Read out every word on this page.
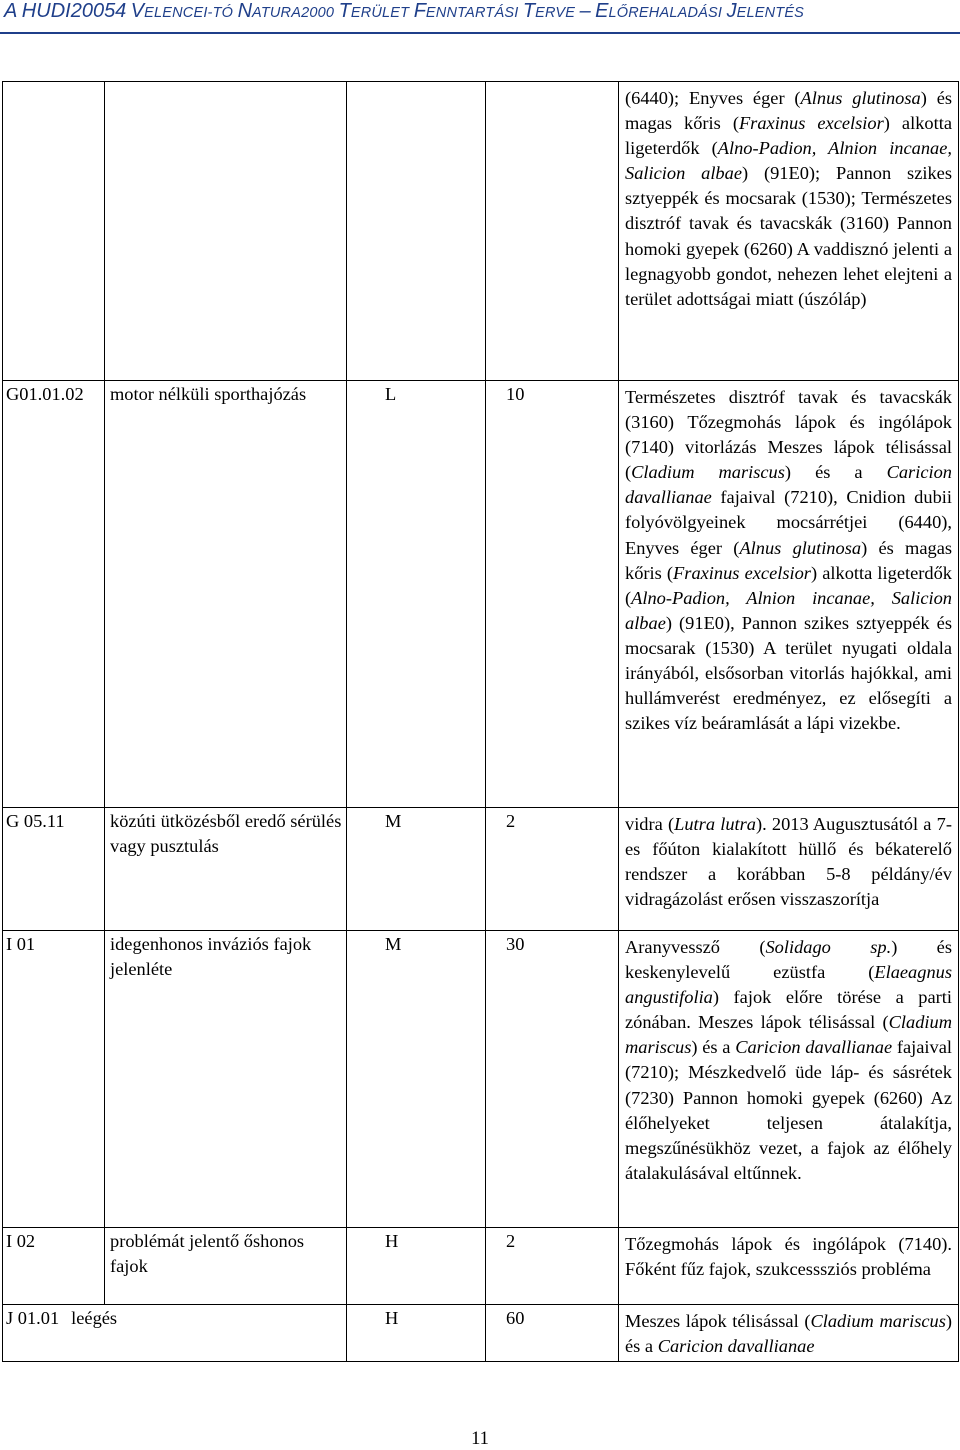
A HUDI20054 VELENCEI-TÓ NATURA2000 TERÜLET FENNTARTÁSI TERVE – ELŐREHALADÁSI JELENTÉS
				(6440); Enyves éger (Alnus glutinosa) és magas kőris (Fraxinus excelsior) alkotta ligeterdők (Alno-Padion, Alnion incanae, Salicion albae) (91E0); Pannon szikes sztyeppék és mocsarak (1530); Természetes disztróf tavak és tavacskák (3160) Pannon homoki gyepek (6260) A vaddisznó jelenti a legnagyobb gondot, nehezen lehet elejteni a terület adottságai miatt (úszóláp)
G01.01.02	motor nélküli sporthajózás	L	10	Természetes disztróf tavak és tavacskák (3160) Tőzegmohás lápok és ingólápok (7140) vitorlázás Meszes lápok télisással (Cladium mariscus) és a Caricion davallianae fajaival (7210), Cnidion dubii folyóvölgyeinek mocsárrétjei (6440), Enyves éger (Alnus glutinosa) és magas kőris (Fraxinus excelsior) alkotta ligeterdők (Alno-Padion, Alnion incanae, Salicion albae) (91E0), Pannon szikes sztyeppék és mocsarak (1530) A terület nyugati oldala irányából, elsősorban vitorlás hajókkal, ami hullámverést eredményez, ez elősegíti a szikes víz beáramlását a lápi vizekbe.
G 05.11	közúti ütközésből eredő sérülés vagy pusztulás	M	2	vidra (Lutra lutra). 2013 Augusztusától a 7-es főúton kialakított hüllő és békaterelő rendszer a korábban 5-8 példány/év vidragázolást erősen visszaszorítja
I 01	idegenhonos inváziós fajok jelenléte	M	30	Aranyvessző (Solidago sp.) és keskenylevelű ezüstfa (Elaeagnus angustifolia) fajok előre törése a parti zónában. Meszes lápok télisással (Cladium mariscus) és a Caricion davallianae fajaival (7210); Mészkedvelő üde láp- és sásrétek (7230) Pannon homoki gyepek (6260) Az élőhelyeket teljesen átalakítja, megszűnésükhöz vezet, a fajok az élőhely átalakulásával eltűnnek.
I 02	problémát jelentő őshonos fajok	H	2	Tőzegmohás lápok és ingólápok (7140). Főként fűz fajok, szukcesssziós probléma
J 01.01 leégés		H	60	Meszes lápok télisással (Cladium mariscus) és a Caricion davallianae
11
